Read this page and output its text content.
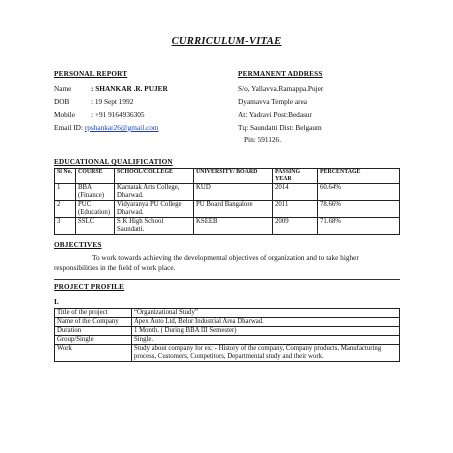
CURRICULUM-VITAE
PERSONAL REPORT
Name	: SHANKAR .R. PUJER
DOB	: 19 Sept 1992
Mobile : +91 9164936305
Email ID: rpshankar26@gmail.com
PERMANENT ADDRESS
S/o, Yallavva.Ramappa.Pujer
Dyamavva Temple area
At: Yadravi Post:Bedasur
Tq: Saundatti Dist: Belgaum
Pin: 591126.
EDUCATIONAL QUALIFICATION
Sl No.	COURSE	SCHOOL/COLLEGE	UNIVERSITY/ BOARD	PASSING YEAR	PERCENTAGE
1	BBA (Finance)	Karnatak Arts College, Dharwad.	KUD	2014	60.64%
2	PUC (Education)	Vidyaranya PU College Dharwad.	PU Board Bangalore	2011	78.66%
3	SSLC	S K High School Saundatti.	KSEEB	2009	71.68%
OBJECTIVES
To work towards achieving the developmental objectives of organization and to take higher responsibilities in the field of work place.
PROJECT PROFILE
I.
Title of the project	“Organizational Study”
Name of the Company	Apex Auto Ltd, Belur Industrial Area Dharwad.
Duration	1 Month. ( During BBA III Semester)
Group/Single	Single.
Work	Study about company for ex: - History of the company, Company products, Manufacturing process, Customers, Competitors, Departmental study and their work.
